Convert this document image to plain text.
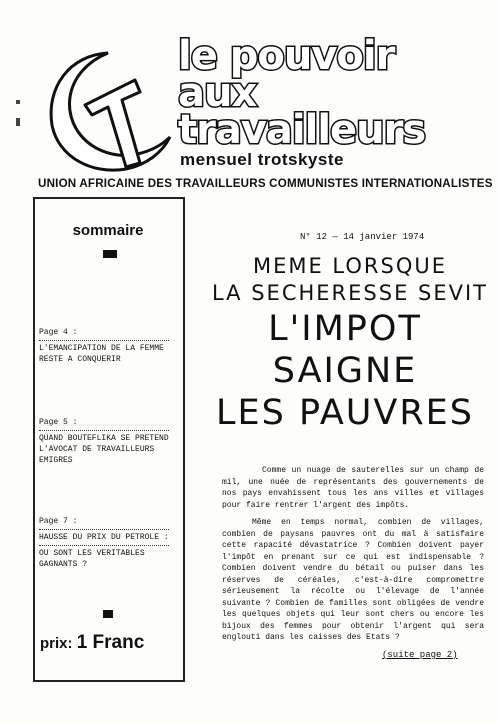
le pouvoir
aux
travailleurs
mensuel trotskyste
UNION AFRICAINE DES TRAVAILLEURS COMMUNISTES INTERNATIONALISTES
sommaire
Page 4 :
L'EMANCIPATION DE LA FEMME
RESTE A CONQUERIR
Page 5 :
QUAND BOUTEFLIKA SE PRETEND
L'AVOCAT DE TRAVAILLEURS
EMIGRES
Page 7 :
HAUSSE DU PRIX DU PETROLE :
OU SONT LES VERITABLES
GAGNANTS ?
prix: 1 Franc
N° 12 — 14 janvier 1974
MEME LORSQUE
LA SECHERESSE SEVIT
L'IMPOT SAIGNE
LES PAUVRES
Comme un nuage de sauterelles sur un champ de mil, une nuée de représentants des gouvernements de nos pays envahissent tous les ans villes et villages pour faire rentrer l'argent des impôts.
Même en temps normal, combien de villages, combien de paysans pauvres ont du mal à satisfaire cette rapacité dévastatrice ? Combien doivent payer l'impôt en prenant sur ce qui est indispensable ? Combien doivent vendre du bétail ou puiser dans les réserves de céréales, c'est-à-dire compromettre sérieusement la récolte ou l'élevage de l'année suivante ? Combien de familles sont obligées de vendre les quelques objets qui leur sont chers ou encore les bijoux des femmes pour obtenir l'argent qui sera englouti dans les caisses des Etats ?
(suite page 2)
